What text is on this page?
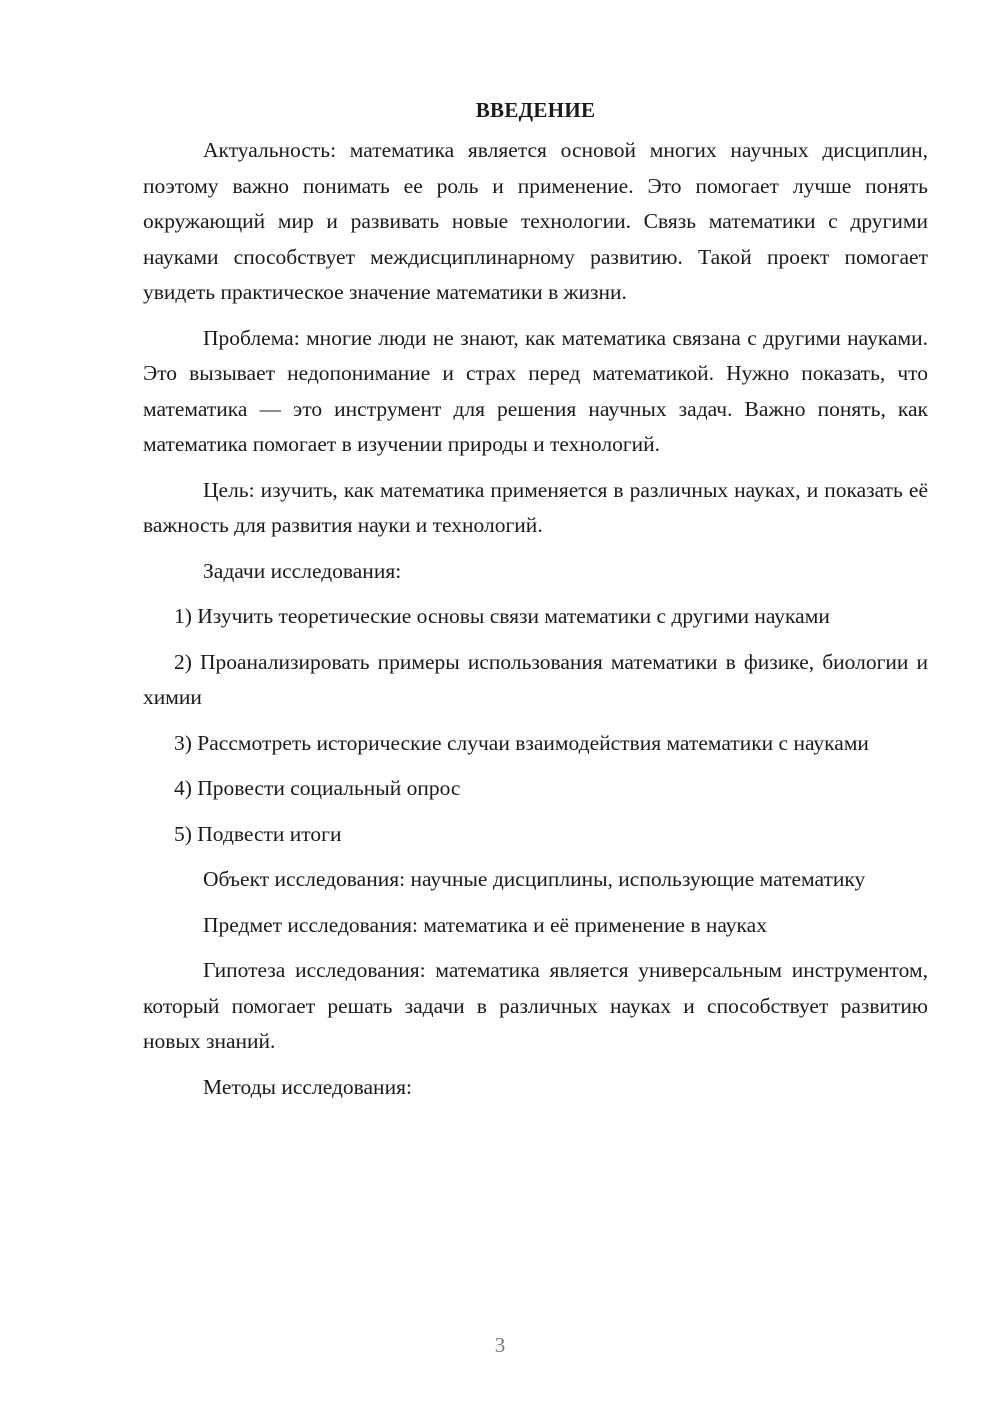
ВВЕДЕНИЕ

Актуальность: математика является основой многих научных дисциплин, поэтому важно понимать ее роль и применение. Это помогает лучше понять окружающий мир и развивать новые технологии. Связь математики с другими науками способствует междисциплинарному развитию. Такой проект помогает увидеть практическое значение математики в жизни.

Проблема: многие люди не знают, как математика связана с другими науками. Это вызывает недопонимание и страх перед математикой. Нужно показать, что математика — это инструмент для решения научных задач. Важно понять, как математика помогает в изучении природы и технологий.

Цель: изучить, как математика применяется в различных науках, и показать её важность для развития науки и технологий.

Задачи исследования:

1) Изучить теоретические основы связи математики с другими науками

2) Проанализировать примеры использования математики в физике, биологии и химии

3) Рассмотреть исторические случаи взаимодействия математики с науками

4) Провести социальный опрос

5) Подвести итоги

Объект исследования: научные дисциплины, использующие математику

Предмет исследования: математика и её применение в науках

Гипотеза исследования: математика является универсальным инструментом, который помогает решать задачи в различных науках и способствует развитию новых знаний.

Методы исследования:

3
